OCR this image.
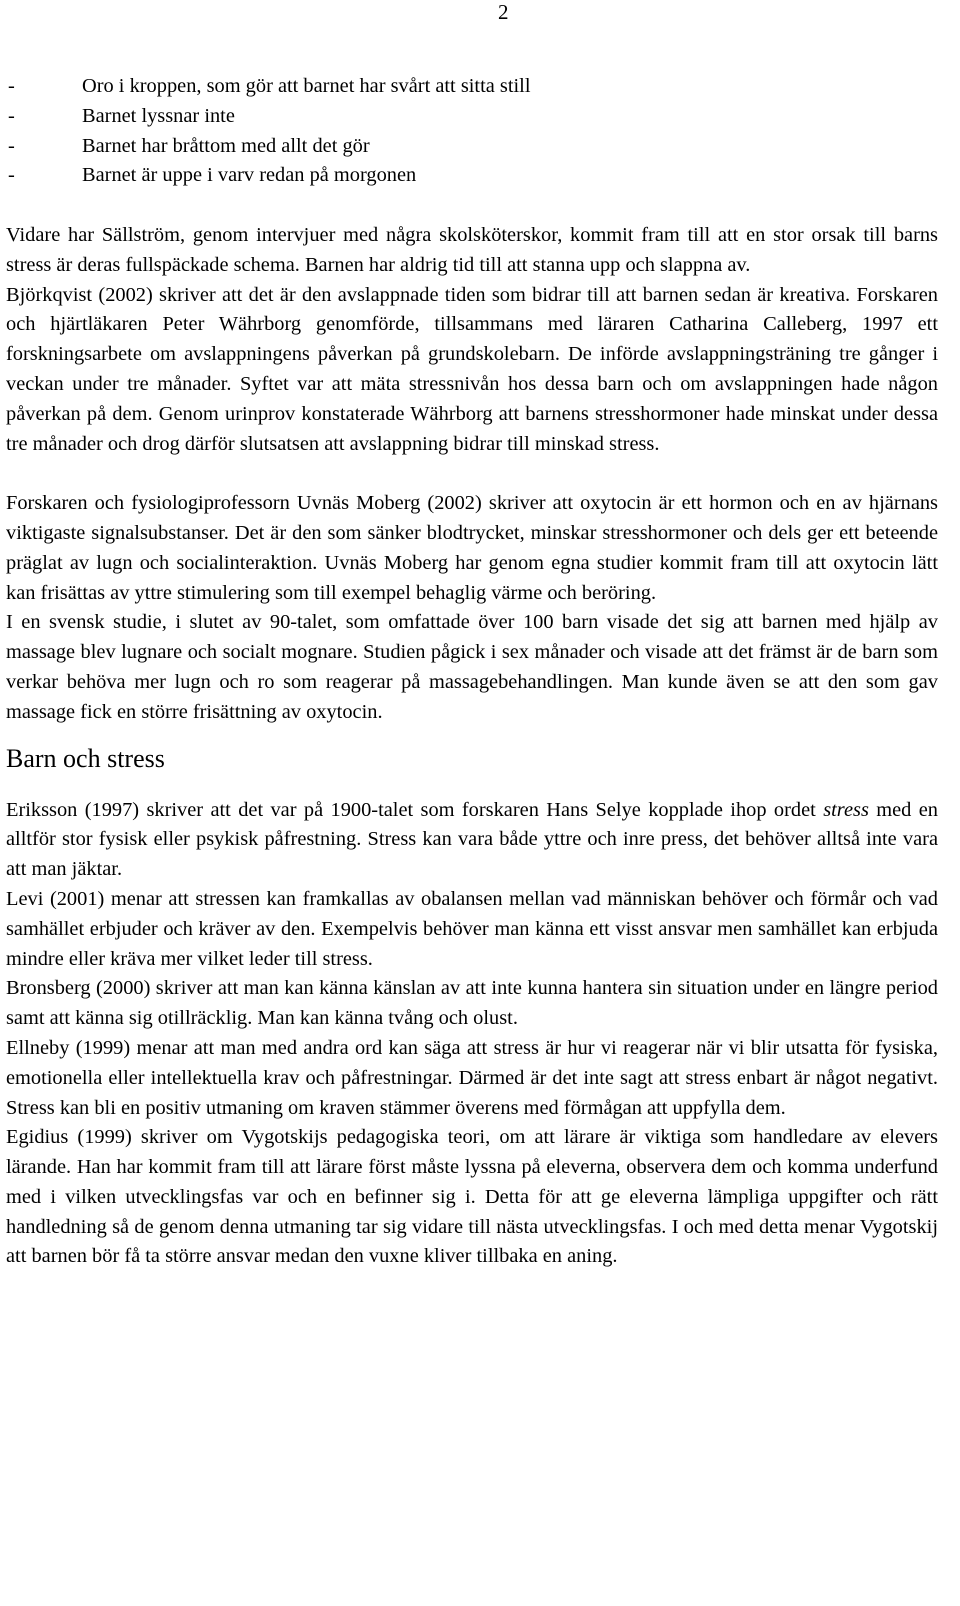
2
-	Oro i kroppen, som gör att barnet har svårt att sitta still
-	Barnet lyssnar inte
-	Barnet har bråttom med allt det gör
-	Barnet är uppe i varv redan på morgonen

Vidare har Sällström, genom intervjuer med några skolsköterskor, kommit fram till att en stor orsak till barns stress är deras fullspäckade schema. Barnen har aldrig tid till att stanna upp och slappna av.

Björkqvist (2002) skriver att det är den avslappnade tiden som bidrar till att barnen sedan är kreativa. Forskaren och hjärtläkaren Peter Währborg genomförde, tillsammans med läraren Catharina Calleberg, 1997 ett forskningsarbete om avslappningens påverkan på grundskolebarn. De införde avslappningsträning tre gånger i veckan under tre månader. Syftet var att mäta stressnivån hos dessa barn och om avslappningen hade någon påverkan på dem. Genom urinprov konstaterade Währborg att barnens stresshormoner hade minskat under dessa tre månader och drog därför slutsatsen att avslappning bidrar till minskad stress.

Forskaren och fysiologiprofessorn Uvnäs Moberg (2002) skriver att oxytocin är ett hormon och en av hjärnans viktigaste signalsubstanser. Det är den som sänker blodtrycket, minskar stresshormoner och dels ger ett beteende präglat av lugn och socialinteraktion. Uvnäs Moberg har genom egna studier kommit fram till att oxytocin lätt kan frisättas av yttre stimulering som till exempel behaglig värme och beröring.

I en svensk studie, i slutet av 90-talet, som omfattade över 100 barn visade det sig att barnen med hjälp av massage blev lugnare och socialt mognare. Studien pågick i sex månader och visade att det främst är de barn som verkar behöva mer lugn och ro som reagerar på massagebehandlingen. Man kunde även se att den som gav massage fick en större frisättning av oxytocin.

Barn och stress

Eriksson (1997) skriver att det var på 1900-talet som forskaren Hans Selye kopplade ihop ordet stress med en alltför stor fysisk eller psykisk påfrestning. Stress kan vara både yttre och inre press, det behöver alltså inte vara att man jäktar.

Levi (2001) menar att stressen kan framkallas av obalansen mellan vad människan behöver och förmår och vad samhället erbjuder och kräver av den. Exempelvis behöver man känna ett visst ansvar men samhället kan erbjuda mindre eller kräva mer vilket leder till stress.

Bronsberg (2000) skriver att man kan känna känslan av att inte kunna hantera sin situation under en längre period samt att känna sig otillräcklig. Man kan känna tvång och olust.

Ellneby (1999) menar att man med andra ord kan säga att stress är hur vi reagerar när vi blir utsatta för fysiska, emotionella eller intellektuella krav och påfrestningar. Därmed är det inte sagt att stress enbart är något negativt. Stress kan bli en positiv utmaning om kraven stämmer överens med förmågan att uppfylla dem.

Egidius (1999) skriver om Vygotskijs pedagogiska teori, om att lärare är viktiga som handledare av elevers lärande. Han har kommit fram till att lärare först måste lyssna på eleverna, observera dem och komma underfund med i vilken utvecklingsfas var och en befinner sig i. Detta för att ge eleverna lämpliga uppgifter och rätt handledning så de genom denna utmaning tar sig vidare till nästa utvecklingsfas. I och med detta menar Vygotskij att barnen bör få ta större ansvar medan den vuxne kliver tillbaka en aning.
